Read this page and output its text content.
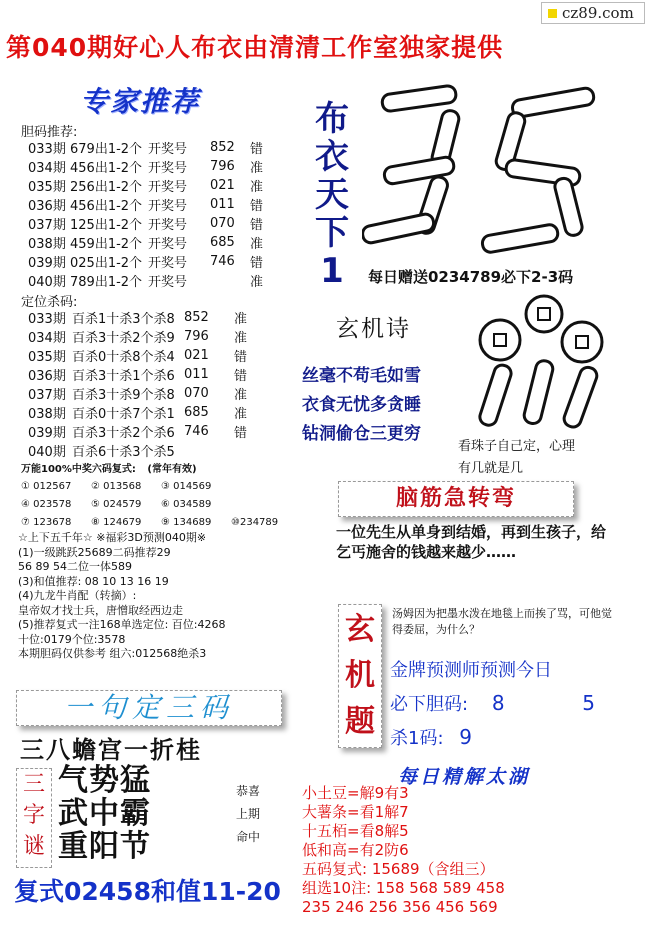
cz89.com
第040期好心人布衣由清清工作室独家提供
专家推荐
胆码推荐:
033期	679出1-2个	开奖号	852	错
034期	456出1-2个	开奖号	796	准
035期	256出1-2个	开奖号	021	准
036期	456出1-2个	开奖号	011	错
037期	125出1-2个	开奖号	070	错
038期	459出1-2个	开奖号	685	准
039期	025出1-2个	开奖号	746	错
040期	789出1-2个	开奖号		准
定位杀码:
033期	百杀1十杀3个杀8	852	准
034期	百杀3十杀2个杀9	796	准
035期	百杀0十杀8个杀4	021	错
036期	百杀3十杀1个杀6	011	错
037期	百杀3十杀9个杀8	070	准
038期	百杀0十杀7个杀1	685	准
039期	百杀3十杀2个杀6	746	错
040期	百杀6十杀3个杀5		
万能100%中奖六码复式: (常年有效)
① 012567 ② 013568 ③ 014569
④ 023578 ⑤ 024579 ⑥ 034589
⑦ 123678 ⑧ 124679 ⑨ 134689 ⑩234789
布
衣
天
下
1	每日赠送0234789必下2-3码
玄机诗
丝毫不苟毛如雪
衣食无忧多贪睡
钻洞偷仓三更穷
看珠子自己定，心理
有几就是几
☆上下五千年☆ ※福彩3D预测040期※
(1)一级跳跃25689二码推荐29
56 89 54二位一体589
(3)和值推荐: 08 10 13 16 19
(4)九龙牛肖配（转摘）:
皇帝奴才找士兵，唐憎取经西边走
(5)推荐复式一注168单选定位: 百位:4268
十位:0179个位:3578
本期胆码仅供参考 组六:012568绝杀3
脑筋急转弯
一位先生从单身到结婚，再到生孩子，给乞丐施舍的钱越来越少……
玄
机
题
汤姆因为把墨水泼在地毯上而挨了骂，可他觉得委屈，为什么？
金牌预测师预测今日
必下胆码: 8	5
杀1码: 9
一句定三码
三八蟾宫一折桂
三
字
谜
气势猛
武中霸
重阳节
恭喜
上期
命中
每日精解太湖
小土豆=解9有3
大薯条=看1解7
十五栢=看8解5
低和高=有2防6
五码复式: 15689（含组三）
组选10注: 158 568 589 458
235 246 256 356 456 569
复式02458和值11-20
